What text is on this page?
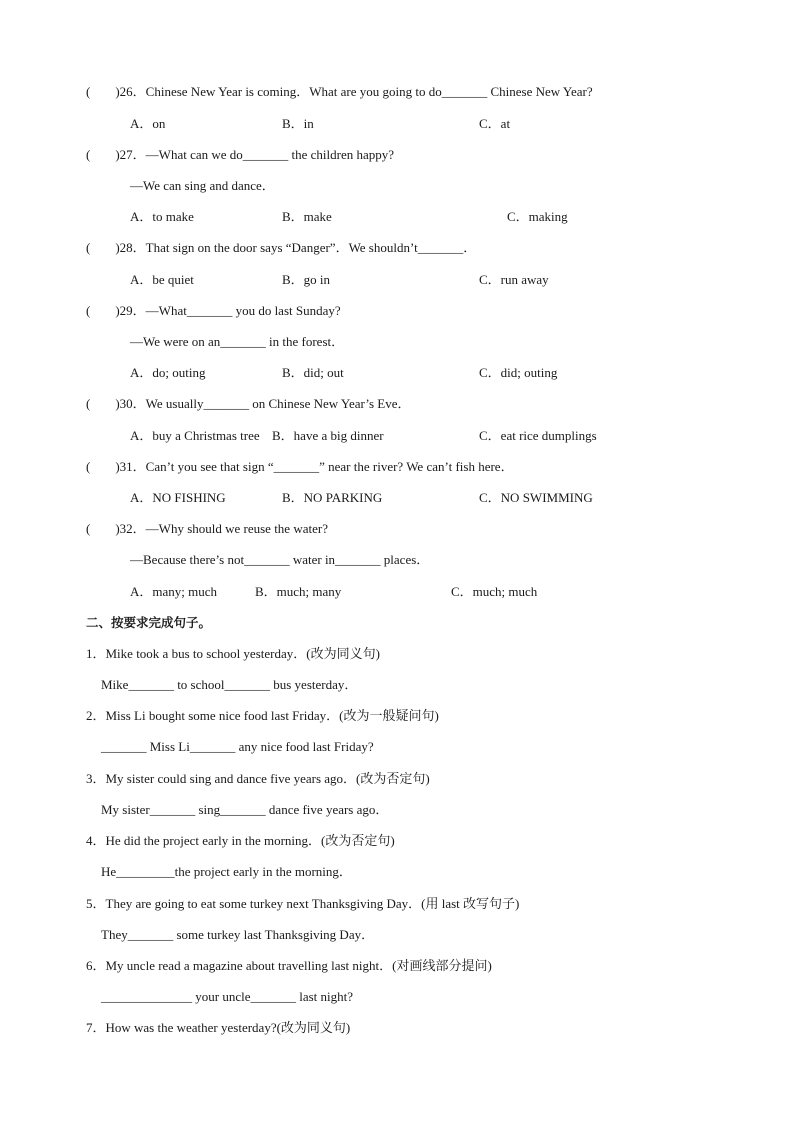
( )26．Chinese New Year is coming．What are you going to do_______ Chinese New Year?
A．on	B．in	C．at
( )27．—What can we do_______ the children happy?
—We can sing and dance．
A．to make	B．make	C．making
( )28．That sign on the door says “Danger”．We shouldn’t_______．
A．be quiet	B．go in	C．run away
( )29．—What_______ you do last Sunday?
—We were on an_______ in the forest．
A．do; outing	B．did; out	C．did; outing
( )30．We usually_______ on Chinese New Year’s Eve．
A．buy a Christmas tree B．have a big dinner	C．eat rice dumplings
( )31．Can’t you see that sign “_______” near the river? We can’t fish here．
A．NO FISHING	B．NO PARKING	C．NO SWIMMING
( )32．—Why should we reuse the water?
—Because there’s not_______ water in_______ places．
A．many; much	B．much; many	C．much; much
二、按要求完成句子。
1．Mike took a bus to school yesterday．(改为同义句)
Mike_______ to school_______ bus yesterday．
2．Miss Li bought some nice food last Friday．(改为一般疑问句)
_______ Miss Li_______ any nice food last Friday?
3．My sister could sing and dance five years ago．(改为否定句)
My sister_______ sing_______ dance five years ago．
4．He did the project early in the morning．(改为否定句)
He_________the project early in the morning．
5．They are going to eat some turkey next Thanksgiving Day．(用 last 改写句子)
They_______ some turkey last Thanksgiving Day．
6．My uncle read a magazine about travelling last night．(对画线部分提问)
______________ your uncle_______ last night?
7．How was the weather yesterday?(改为同义句)
